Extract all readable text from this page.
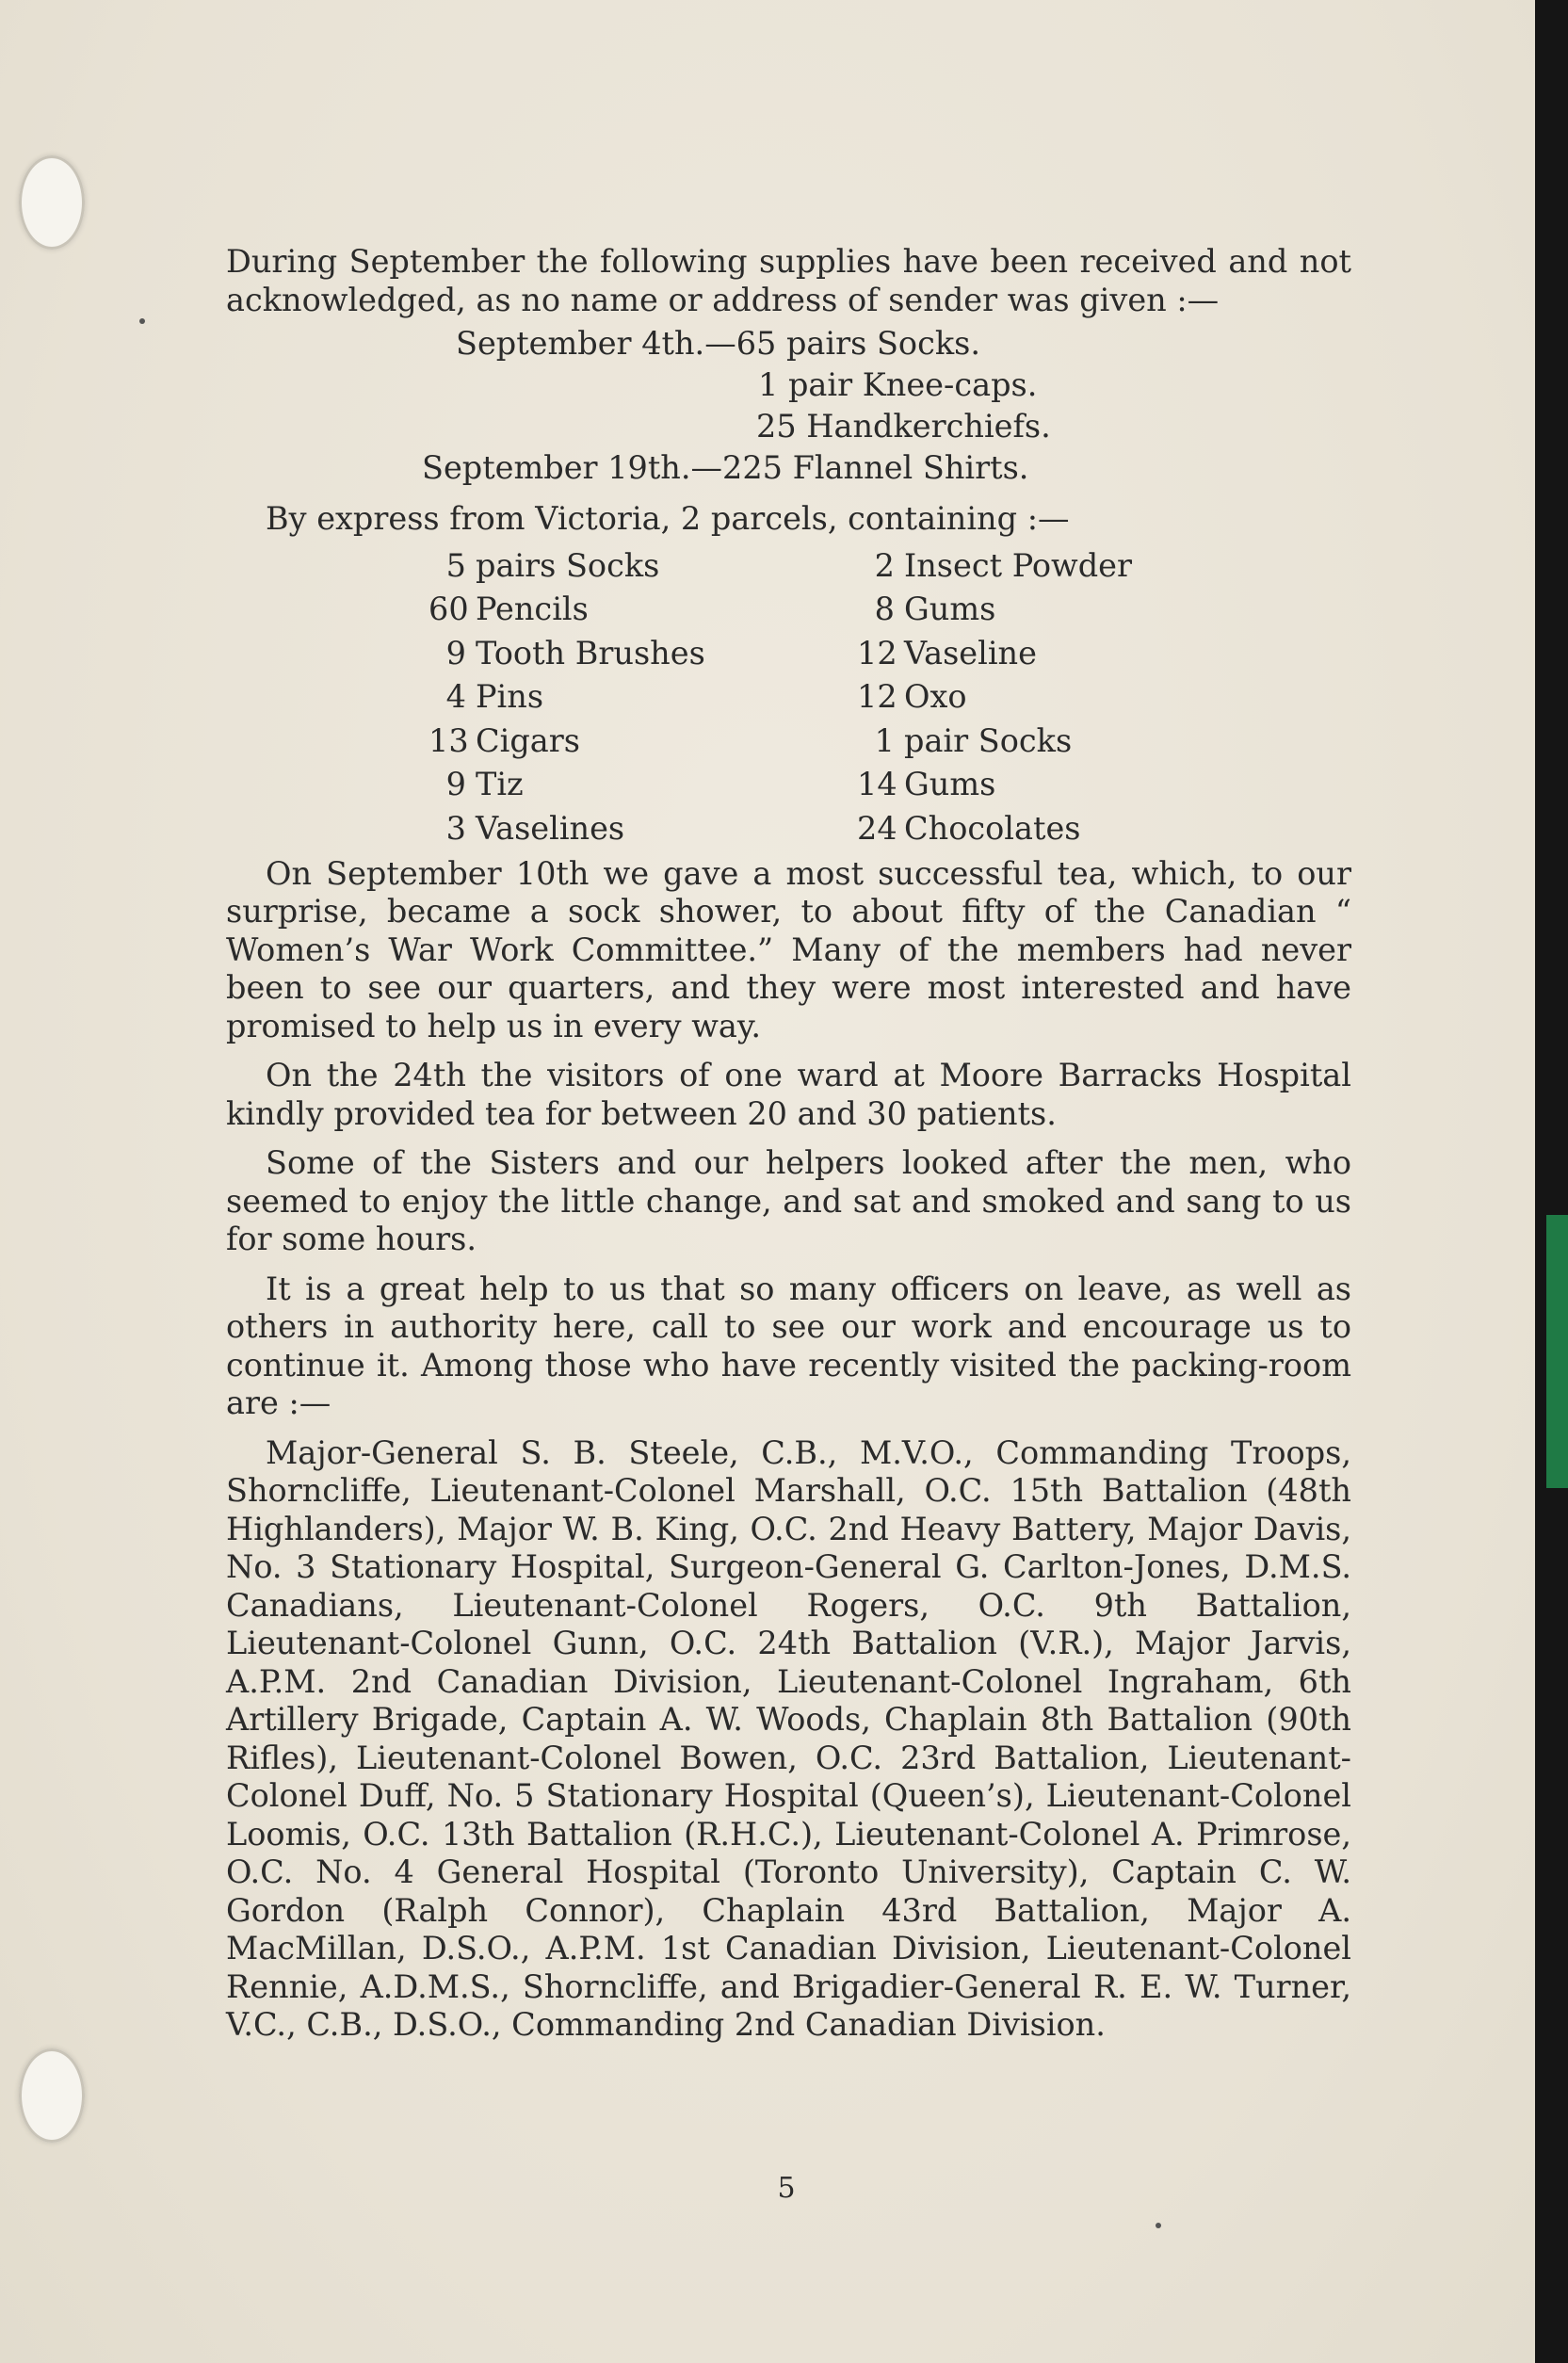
During September the following supplies have been received and not acknowledged, as no name or address of sender was given :—

September 4th.—65 pairs Socks.
1 pair Knee-caps.
25 Handkerchiefs.
September 19th.—225 Flannel Shirts.

By express from Victoria, 2 parcels, containing :—

5 pairs Socks
60 Pencils
9 Tooth Brushes
4 Pins
13 Cigars
9 Tiz
3 Vaselines
2 Insect Powder
8 Gums
12 Vaseline
12 Oxo
1 pair Socks
14 Gums
24 Chocolates

On September 10th we gave a most successful tea, which, to our surprise, became a sock shower, to about fifty of the Canadian “ Women’s War Work Committee.” Many of the members had never been to see our quarters, and they were most interested and have promised to help us in every way.

On the 24th the visitors of one ward at Moore Barracks Hospital kindly provided tea for between 20 and 30 patients.

Some of the Sisters and our helpers looked after the men, who seemed to enjoy the little change, and sat and smoked and sang to us for some hours.

It is a great help to us that so many officers on leave, as well as others in authority here, call to see our work and encourage us to continue it. Among those who have recently visited the packing-room are :—

Major-General S. B. Steele, C.B., M.V.O., Commanding Troops, Shorncliffe, Lieutenant-Colonel Marshall, O.C. 15th Battalion (48th Highlanders), Major W. B. King, O.C. 2nd Heavy Battery, Major Davis, No. 3 Stationary Hospital, Surgeon-General G. Carlton-Jones, D.M.S. Canadians, Lieutenant-Colonel Rogers, O.C. 9th Battalion, Lieutenant-Colonel Gunn, O.C. 24th Battalion (V.R.), Major Jarvis, A.P.M. 2nd Canadian Division, Lieutenant-Colonel Ingraham, 6th Artillery Brigade, Captain A. W. Woods, Chaplain 8th Battalion (90th Rifles), Lieutenant-Colonel Bowen, O.C. 23rd Battalion, Lieutenant-Colonel Duff, No. 5 Stationary Hospital (Queen’s), Lieutenant-Colonel Loomis, O.C. 13th Battalion (R.H.C.), Lieutenant-Colonel A. Primrose, O.C. No. 4 General Hospital (Toronto University), Captain C. W. Gordon (Ralph Connor), Chaplain 43rd Battalion, Major A. MacMillan, D.S.O., A.P.M. 1st Canadian Division, Lieutenant-Colonel Rennie, A.D.M.S., Shorncliffe, and Brigadier-General R. E. W. Turner, V.C., C.B., D.S.O., Commanding 2nd Canadian Division.

5
